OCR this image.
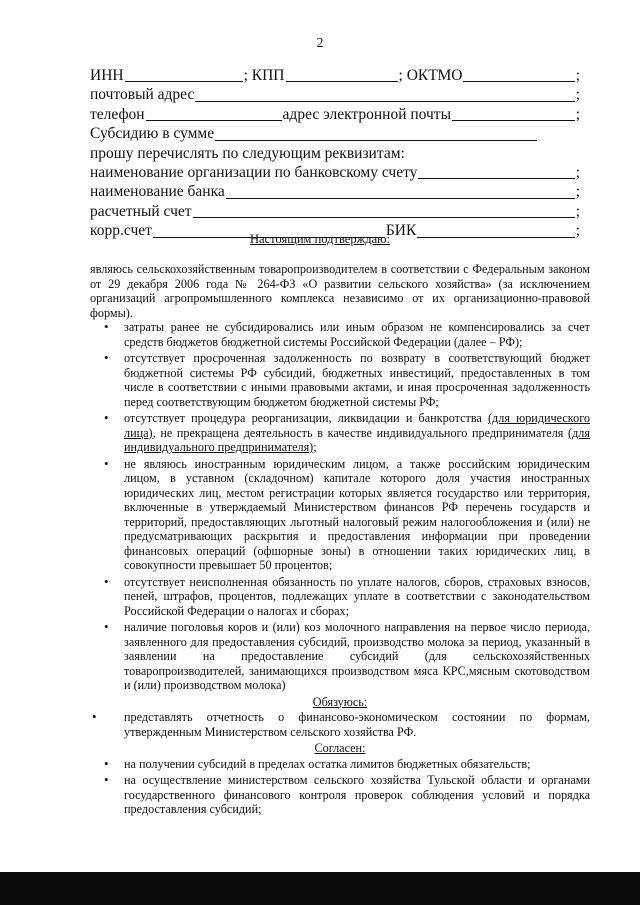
2
ИНН	; КПП	; ОКТМО	;
почтовый адрес	;
телефон	адрес электронной почты	;
Субсидию в сумме
прошу перечислять по следующим реквизитам:
наименование организации по банковскому счету	;
наименование банка	;
расчетный счет	;
корр.счет	БИК	;
Настоящим подтверждаю:
являюсь сельскохозяйственным товаропроизводителем в соответствии с Федеральным законом от 29 декабря 2006 года № 264-ФЗ «О развитии сельского хозяйства» (за исключением организаций агропромышленного комплекса независимо от их организационно-правовой формы).
• затраты ранее не субсидировались или иным образом не компенсировались за счет средств бюджетов бюджетной системы Российской Федерации (далее – РФ);
• отсутствует просроченная задолженность по возврату в соответствующий бюджет бюджетной системы РФ субсидий, бюджетных инвестиций, предоставленных в том числе в соответствии с иными правовыми актами, и иная просроченная задолженность перед соответствующим бюджетом бюджетной системы РФ;
• отсутствует процедура реорганизации, ликвидации и банкротства (для юридического лица), не прекращена деятельность в качестве индивидуального предпринимателя (для индивидуального предпринимателя);
• не являюсь иностранным юридическим лицом, а также российским юридическим лицом, в уставном (складочном) капитале которого доля участия иностранных юридических лиц, местом регистрации которых является государство или территория, включенные в утверждаемый Министерством финансов РФ перечень государств и территорий, предоставляющих льготный налоговый режим налогообложения и (или) не предусматривающих раскрытия и предоставления информации при проведении финансовых операций (офшорные зоны) в отношении таких юридических лиц, в совокупности превышает 50 процентов;
• отсутствует неисполненная обязанность по уплате налогов, сборов, страховых взносов, пеней, штрафов, процентов, подлежащих уплате в соответствии с законодательством Российской Федерации о налогах и сборах;
• наличие поголовья коров и (или) коз молочного направления на первое число периода, заявленного для предоставления субсидий, производство молока за период, указанный в заявлении на предоставление субсидий (для сельскохозяйственных товаропроизводителей, занимающихся производством мяса КРС,мясным скотоводством и (или) производством молока)
Обязуюсь:
• представлять отчетность о финансово-экономическом состоянии по формам, утвержденным Министерством сельского хозяйства РФ.
Согласен:
• на получении субсидий в пределах остатка лимитов бюджетных обязательств;
• на осуществление министерством сельского хозяйства Тульской области и органами государственного финансового контроля проверок соблюдения условий и порядка предоставления субсидий;
